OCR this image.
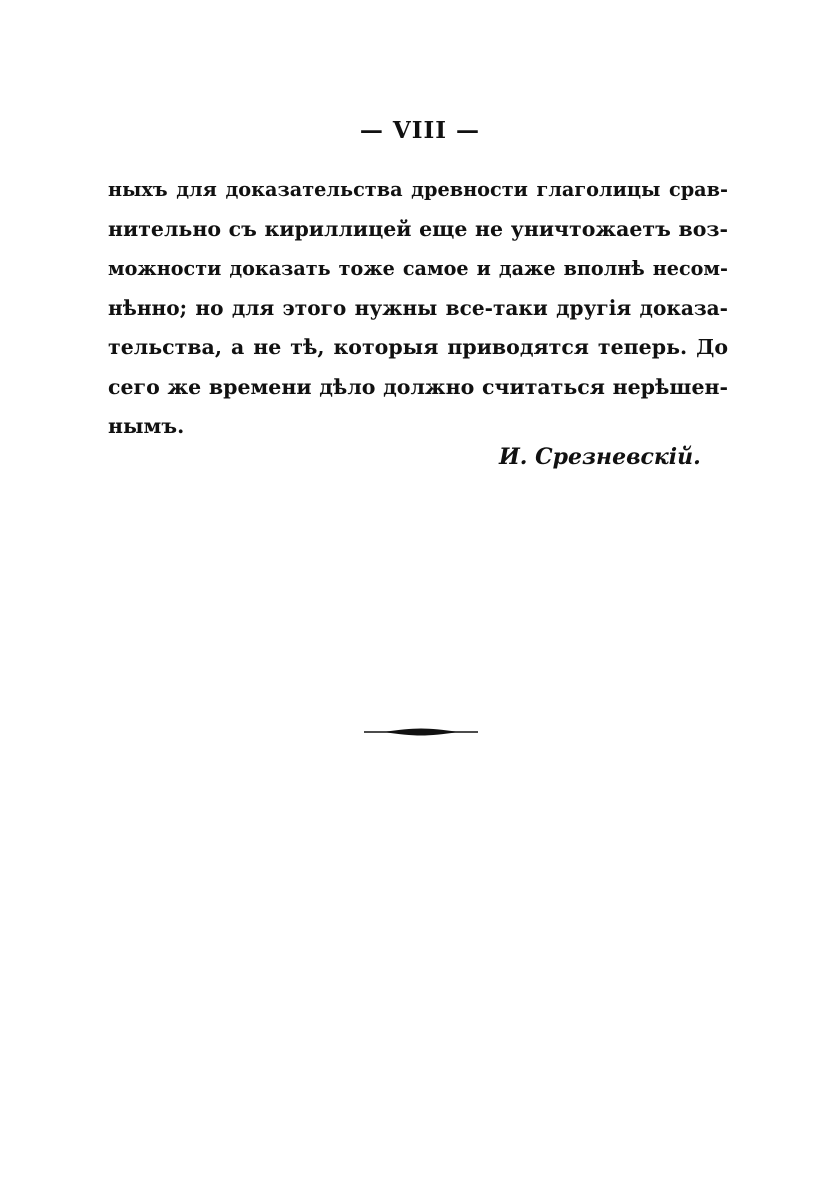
— VIII —
ныхъ для доказательства древности глаголицы срав-
нительно съ кириллицей еще не уничтожаетъ воз-
можности доказать тоже самое и даже вполнѣ несом-
нѣнно; но для этого нужны все-таки другія доказа-
тельства, а не тѣ, которыя приводятся теперь. До
сего же времени дѣло должно считаться нерѣшен-
нымъ.
И. Срезневскій.
